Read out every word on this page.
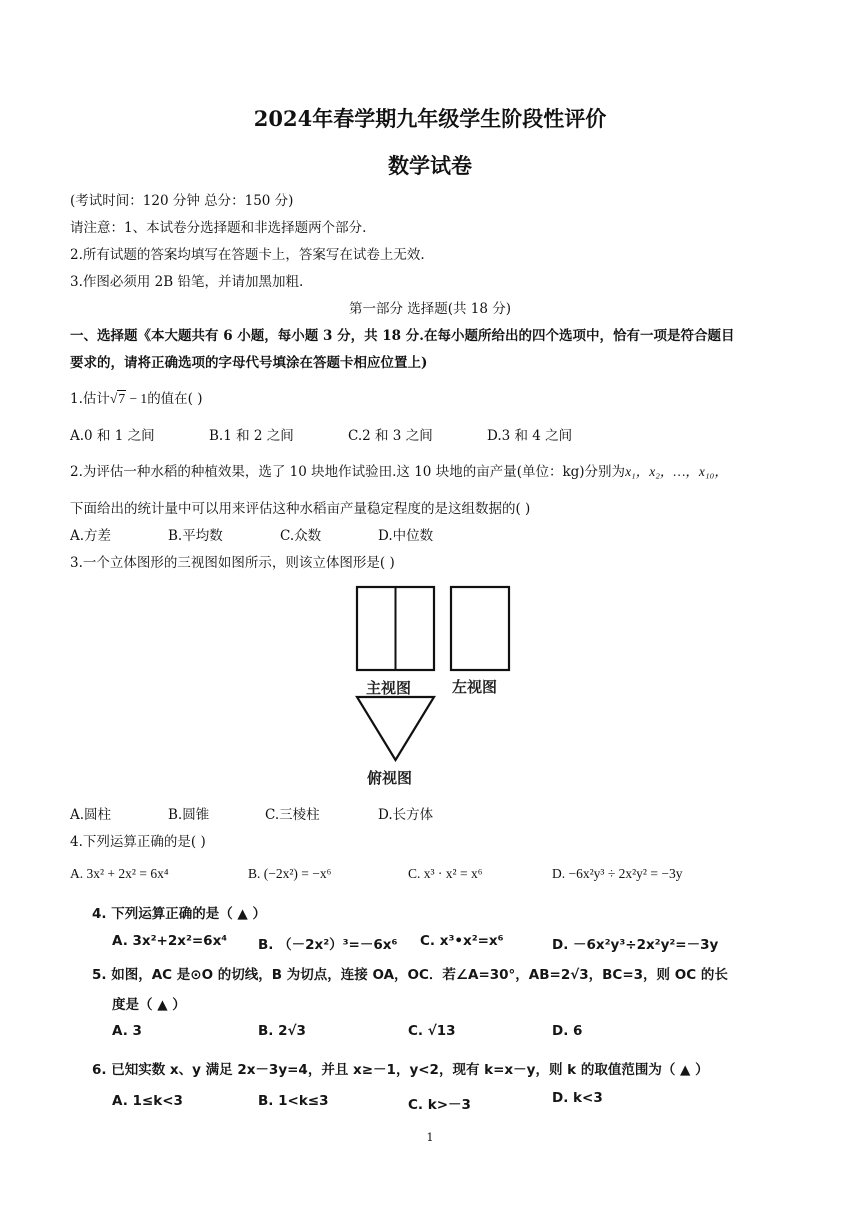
2024年春学期九年级学生阶段性评价
数学试卷
(考试时间：120 分钟 总分：150 分)
请注意：1、本试卷分选择题和非选择题两个部分.
2.所有试题的答案均填写在答题卡上，答案写在试卷上无效.
3.作图必须用 2B 铅笔，并请加黑加粗.
第一部分 选择题(共 18 分)
一、选择题《本大题共有 6 小题，每小题 3 分，共 18 分.在每小题所给出的四个选项中，恰有一项是符合题目
要求的，请将正确选项的字母代号填涂在答题卡相应位置上)
1.估计√7 − 1的值在( )
A.0 和 1 之间	B.1 和 2 之间	C.2 和 3 之间	D.3 和 4 之间
2.为评估一种水稻的种植效果，选了 10 块地作试验田.这 10 块地的亩产量(单位：kg)分别为x₁，x₂，…，x₁₀，
下面给出的统计量中可以用来评估这种水稻亩产量稳定程度的是这组数据的( )
A.方差	B.平均数	C.众数	D.中位数
3.一个立体图形的三视图如图所示，则该立体图形是( )
主视图	左视图
俯视图
A.圆柱	B.圆锥	C.三棱柱	D.长方体
4.下列运算正确的是( )
A. 3x² + 2x² = 6x⁴	B. (−2x²) = −x⁶	C. x³ · x² = x⁶	D. −6x²y³ ÷ 2x²y² = −3y
4. 下列运算正确的是（ ▲ ）
A. 3x²+2x²=6x⁴ B. （－2x²）³=－6x⁶ C. x³•x²=x⁶	D. －6x²y³÷2x²y²=－3y
5. 如图，AC 是⊙O 的切线，B 为切点，连接 OA，OC．若∠A=30°，AB=2√3，BC=3，则 OC 的长
度是（ ▲ ）
A. 3	B. 2√3	C. √13	D. 6
6. 已知实数 x、y 满足 2x－3y=4，并且 x≥－1，y<2，现有 k=x－y，则 k 的取值范围为（ ▲ ）
A. 1≤k<3	B. 1<k≤3	C. k>－3	D. k<3
1
